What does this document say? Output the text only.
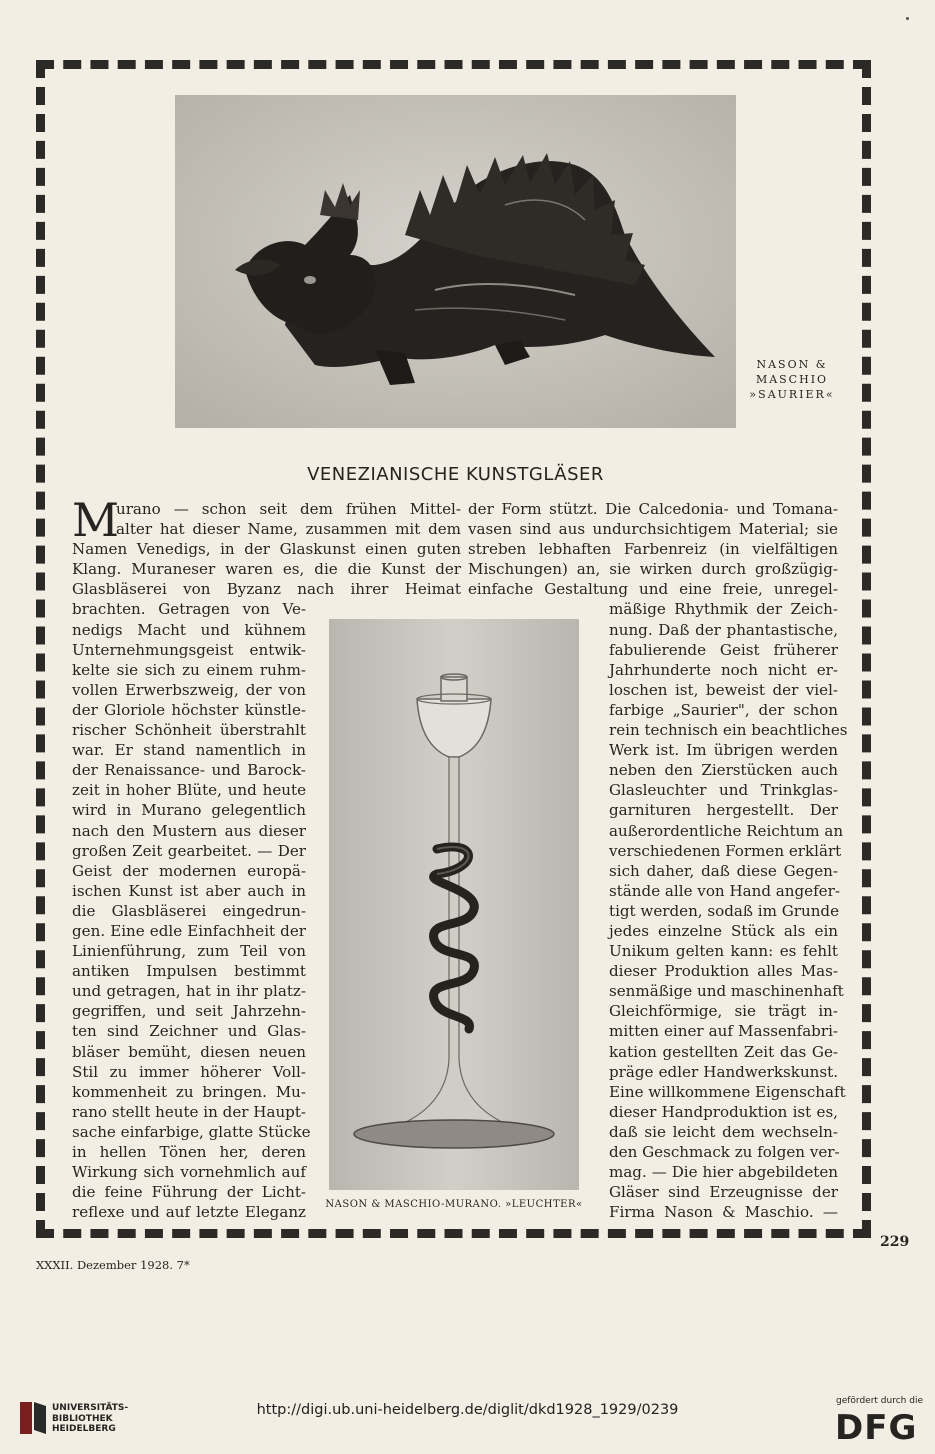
NASON &
MASCHIO
»SAURIER«
VENEZIANISCHE KUNSTGLÄSER
M
urano — schon seit dem frühen Mittel-
alter hat dieser Name, zusammen mit dem
Namen Venedigs, in der Glaskunst einen guten
Klang. Muraneser waren es, die die Kunst der
Glasbläserei von Byzanz nach ihrer Heimat
brachten. Getragen von Ve-
nedigs Macht und kühnem
Unternehmungsgeist entwik-
kelte sie sich zu einem ruhm-
vollen Erwerbszweig, der von
der Gloriole höchster künstle-
rischer Schönheit überstrahlt
war. Er stand namentlich in
der Renaissance- und Barock-
zeit in hoher Blüte, und heute
wird in Murano gelegentlich
nach den Mustern aus dieser
großen Zeit gearbeitet. — Der
Geist der modernen europä-
ischen Kunst ist aber auch in
die Glasbläserei eingedrun-
gen. Eine edle Einfachheit der
Linienführung, zum Teil von
antiken Impulsen bestimmt
und getragen, hat in ihr platz-
gegriffen, und seit Jahrzehn-
ten sind Zeichner und Glas-
bläser bemüht, diesen neuen
Stil zu immer höherer Voll-
kommenheit zu bringen. Mu-
rano stellt heute in der Haupt-
sache einfarbige, glatte Stücke
in hellen Tönen her, deren
Wirkung sich vornehmlich auf
die feine Führung der Licht-
reflexe und auf letzte Eleganz
der Form stützt. Die Calcedonia- und Tomana-
vasen sind aus undurchsichtigem Material; sie
streben lebhaften Farbenreiz (in vielfältigen
Mischungen) an, sie wirken durch großzügig-
einfache Gestaltung und eine freie, unregel-
mäßige Rhythmik der Zeich-
nung. Daß der phantastische,
fabulierende Geist früherer
Jahrhunderte noch nicht er-
loschen ist, beweist der viel-
farbige „Saurier", der schon
rein technisch ein beachtliches
Werk ist. Im übrigen werden
neben den Zierstücken auch
Glasleuchter und Trinkglas-
garnituren hergestellt. Der
außerordentliche Reichtum an
verschiedenen Formen erklärt
sich daher, daß diese Gegen-
stände alle von Hand angefer-
tigt werden, sodaß im Grunde
jedes einzelne Stück als ein
Unikum gelten kann: es fehlt
dieser Produktion alles Mas-
senmäßige und maschinenhaft
Gleichförmige, sie trägt in-
mitten einer auf Massenfabri-
kation gestellten Zeit das Ge-
präge edler Handwerkskunst.
Eine willkommene Eigenschaft
dieser Handproduktion ist es,
daß sie leicht dem wechseln-
den Geschmack zu folgen ver-
mag. — Die hier abgebildeten
Gläser sind Erzeugnisse der
Firma Nason & Maschio. —
NASON & MASCHIO-MURANO. »LEUCHTER«
229
XXXII. Dezember 1928. 7*
UNIVERSITÄTS-
BIBLIOTHEK
HEIDELBERG
http://digi.ub.uni-heidelberg.de/diglit/dkd1928_1929/0239
gefördert durch die
DFG
